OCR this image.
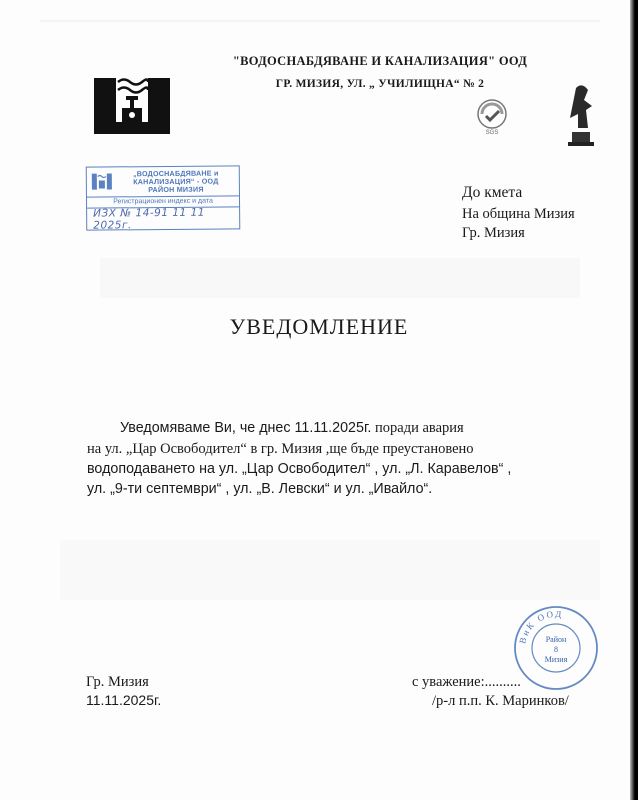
"ВОДОСНАБДЯВАНЕ И КАНАЛИЗАЦИЯ" ООД
ГР. МИЗИЯ, УЛ. „ УЧИЛИЩНА“ № 2
SGS
„ВОДОСНАБДЯВАНЕ и
КАНАЛИЗАЦИЯ“ - ООД
РАЙОН МИЗИЯ
Регистрационен индекс и дата
ИЗХ № 14-91 11 11 2025г.
До кмета
На община Мизия
Гр. Мизия
УВЕДОМЛЕНИЕ
Уведомяваме Ви, че днес 11.11.2025г. поради авария
на ул. „Цар Освободител“ в гр. Мизия ,ще бъде преустановено
водоподаването на ул. „Цар Освободител“ , ул. „Л. Каравелов“ ,
ул. „9-ти септември“ , ул. „В. Левски“ и ул. „Ивайло“.
Гр. Мизия
11.11.2025г.
с уважение:..........
/р-л п.п. К. Маринков/
ВиК ООД
Район
8
Мизия
